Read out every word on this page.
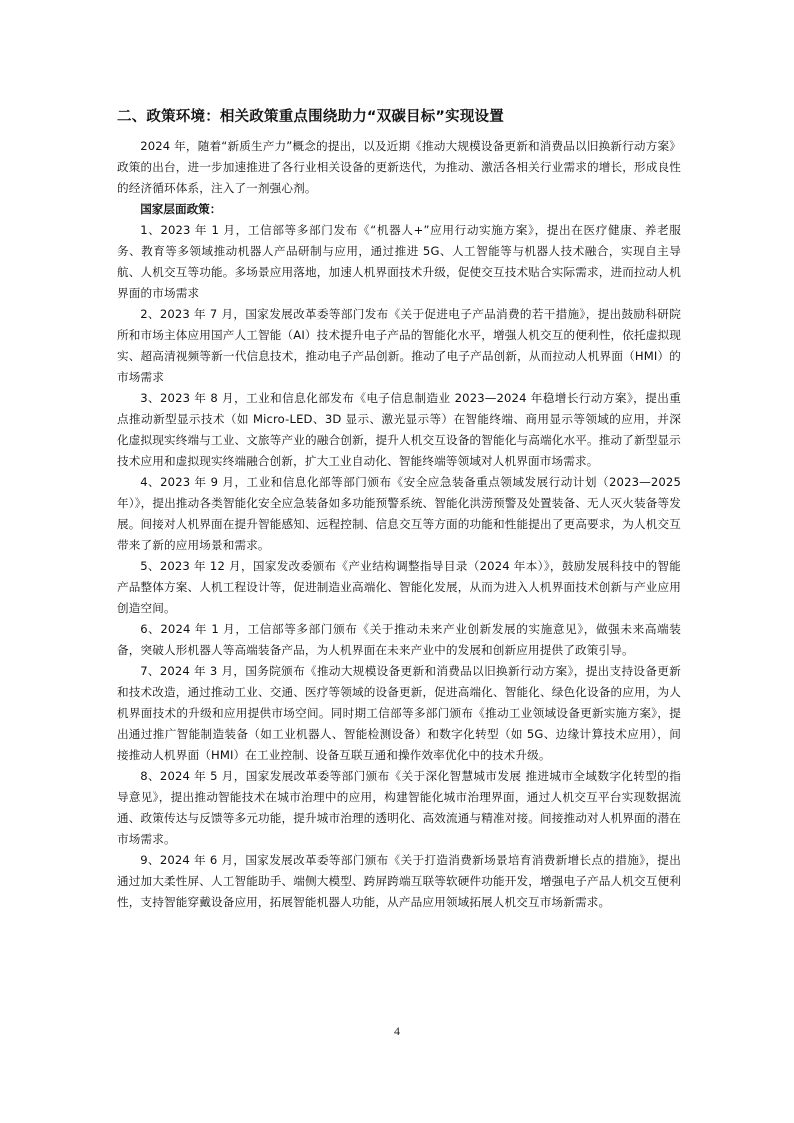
二、政策环境：相关政策重点围绕助力“双碳目标”实现设置

2024 年，随着“新质生产力”概念的提出，以及近期《推动大规模设备更新和消费品以旧换新行动方案》政策的出台，进一步加速推进了各行业相关设备的更新迭代，为推动、激活各相关行业需求的增长，形成良性的经济循环体系，注入了一剂强心剂。

国家层面政策：

1、2023 年 1 月，工信部等多部门发布《“机器人+”应用行动实施方案》，提出在医疗健康、养老服务、教育等多领域推动机器人产品研制与应用，通过推进 5G、人工智能等与机器人技术融合，实现自主导航、人机交互等功能。多场景应用落地，加速人机界面技术升级，促使交互技术贴合实际需求，进而拉动人机界面的市场需求

2、2023 年 7 月，国家发展改革委等部门发布《关于促进电子产品消费的若干措施》，提出鼓励科研院所和市场主体应用国产人工智能（AI）技术提升电子产品的智能化水平，增强人机交互的便利性，依托虚拟现实、超高清视频等新一代信息技术，推动电子产品创新。推动了电子产品创新，从而拉动人机界面（HMI）的市场需求

3、2023 年 8 月，工业和信息化部发布《电子信息制造业 2023—2024 年稳增长行动方案》，提出重点推动新型显示技术（如 Micro-LED、3D 显示、激光显示等）在智能终端、商用显示等领域的应用，并深化虚拟现实终端与工业、文旅等产业的融合创新，提升人机交互设备的智能化与高端化水平。推动了新型显示技术应用和虚拟现实终端融合创新，扩大工业自动化、智能终端等领域对人机界面市场需求。

4、2023 年 9 月，工业和信息化部等部门颁布《安全应急装备重点领域发展行动计划（2023—2025 年）》，提出推动各类智能化安全应急装备如多功能预警系统、智能化洪涝预警及处置装备、无人灭火装备等发展。间接对人机界面在提升智能感知、远程控制、信息交互等方面的功能和性能提出了更高要求，为人机交互带来了新的应用场景和需求。

5、2023 年 12 月，国家发改委颁布《产业结构调整指导目录（2024 年本）》，鼓励发展科技中的智能产品整体方案、人机工程设计等，促进制造业高端化、智能化发展，从而为进入人机界面技术创新与产业应用创造空间。

6、2024 年 1 月，工信部等多部门颁布《关于推动未来产业创新发展的实施意见》，做强未来高端装备，突破人形机器人等高端装备产品，为人机界面在未来产业中的发展和创新应用提供了政策引导。

7、2024 年 3 月，国务院颁布《推动大规模设备更新和消费品以旧换新行动方案》，提出支持设备更新和技术改造，通过推动工业、交通、医疗等领域的设备更新，促进高端化、智能化、绿色化设备的应用，为人机界面技术的升级和应用提供市场空间。同时期工信部等多部门颁布《推动工业领域设备更新实施方案》，提出通过推广智能制造装备（如工业机器人、智能检测设备）和数字化转型（如 5G、边缘计算技术应用），间接推动人机界面（HMI）在工业控制、设备互联互通和操作效率优化中的技术升级。

8、2024 年 5 月，国家发展改革委等部门颁布《关于深化智慧城市发展 推进城市全域数字化转型的指导意见》，提出推动智能技术在城市治理中的应用，构建智能化城市治理界面，通过人机交互平台实现数据流通、政策传达与反馈等多元功能，提升城市治理的透明化、高效流通与精准对接。间接推动对人机界面的潜在市场需求。

9、2024 年 6 月，国家发展改革委等部门颁布《关于打造消费新场景培育消费新增长点的措施》，提出通过加大柔性屏、人工智能助手、端侧大模型、跨屏跨端互联等软硬件功能开发，增强电子产品人机交互便利性，支持智能穿戴设备应用，拓展智能机器人功能，从产品应用领域拓展人机交互市场新需求。

4
